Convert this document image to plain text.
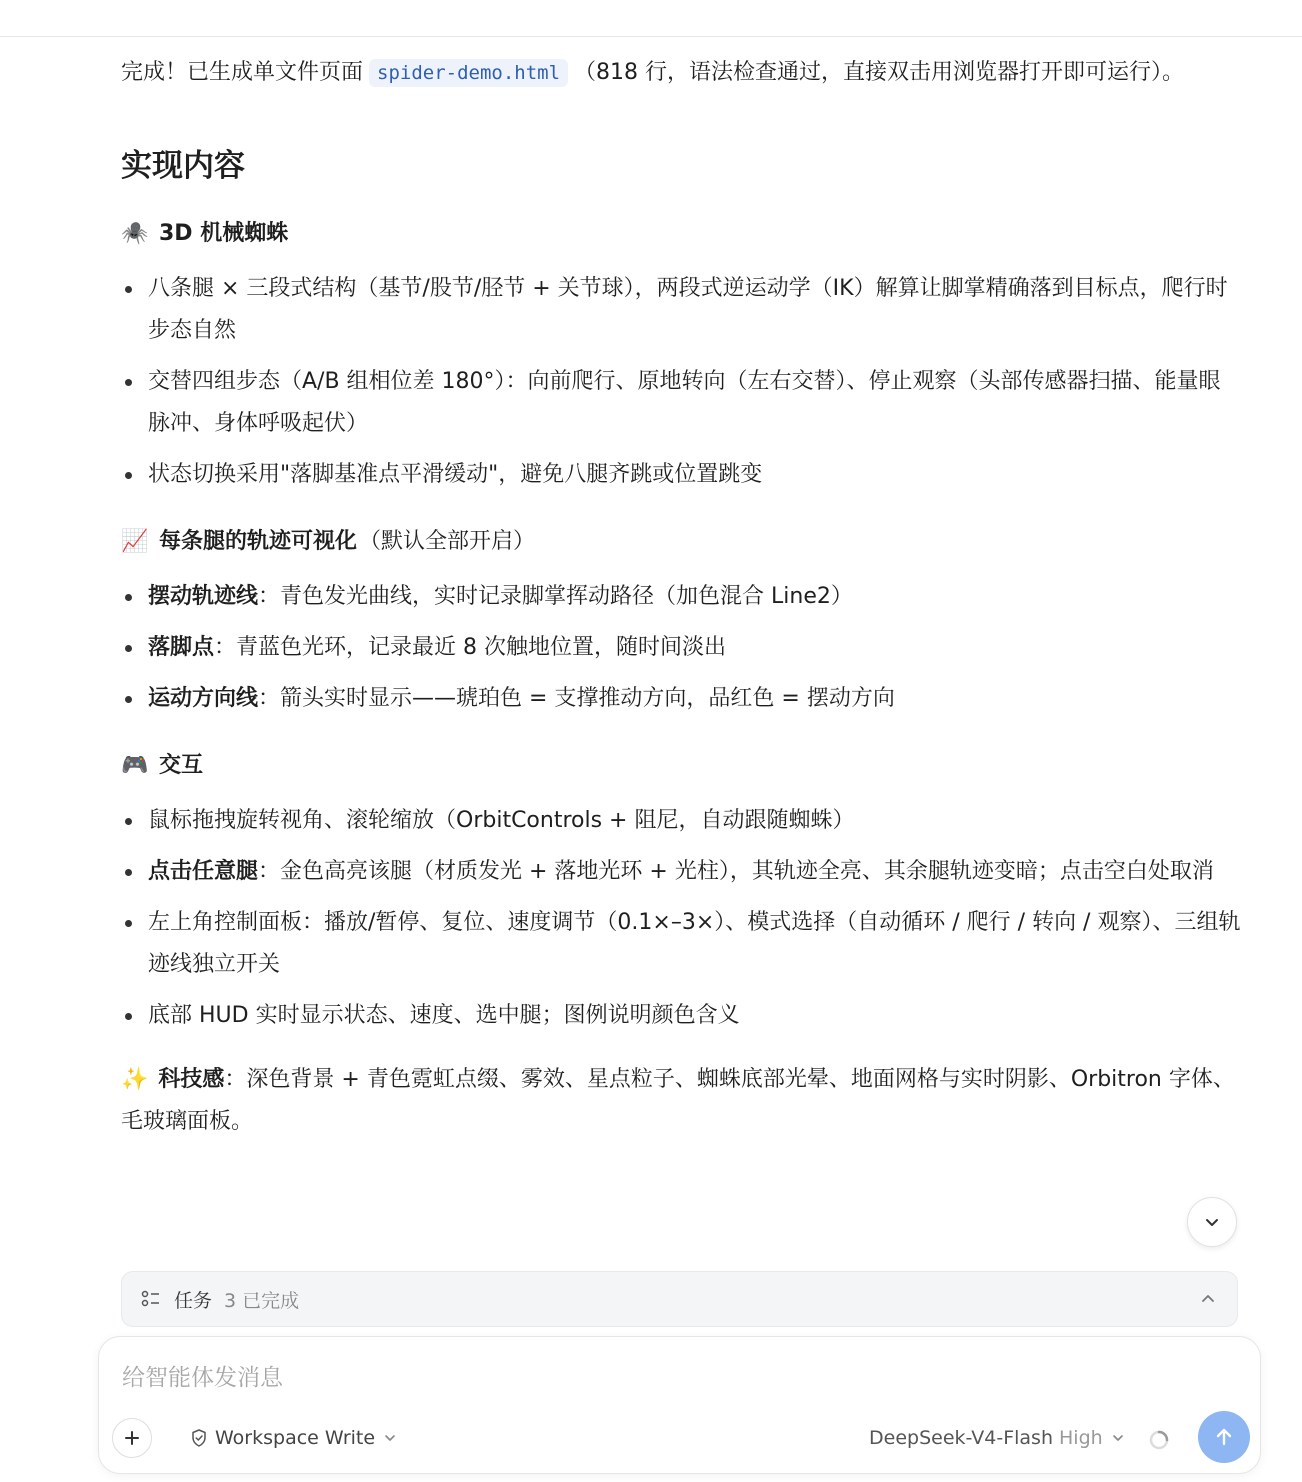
完成！已生成单文件页面 spider-demo.html （818 行，语法检查通过，直接双击用浏览器打开即可运行）。

实现内容
🕷️ 3D 机械蜘蛛
八条腿 × 三段式结构（基节/股节/胫节 + 关节球），两段式逆运动学（IK）解算让脚掌精确落到目标点，爬行时步态自然
交替四组步态（A/B 组相位差 180°）：向前爬行、原地转向（左右交替）、停止观察（头部传感器扫描、能量眼脉冲、身体呼吸起伏）
状态切换采用"落脚基准点平滑缓动"，避免八腿齐跳或位置跳变
📈 每条腿的轨迹可视化 （默认全部开启）
摆动轨迹线：青色发光曲线，实时记录脚掌挥动路径（加色混合 Line2）
落脚点：青蓝色光环，记录最近 8 次触地位置，随时间淡出
运动方向线：箭头实时显示——琥珀色 = 支撑推动方向，品红色 = 摆动方向
🎮 交互
鼠标拖拽旋转视角、滚轮缩放（OrbitControls + 阻尼，自动跟随蜘蛛）
点击任意腿：金色高亮该腿（材质发光 + 落地光环 + 光柱），其轨迹全亮、其余腿轨迹变暗；点击空白处取消
左上角控制面板：播放/暂停、复位、速度调节（0.1×–3×）、模式选择（自动循环 / 爬行 / 转向 / 观察）、三组轨迹线独立开关
底部 HUD 实时显示状态、速度、选中腿；图例说明颜色含义

✨ 科技感：深色背景 + 青色霓虹点缀、雾效、星点粒子、蜘蛛底部光晕、地面网格与实时阴影、Orbitron 字体、毛玻璃面板。

任务 3 已完成
给智能体发消息
Workspace Write	DeepSeek-V4-Flash High
